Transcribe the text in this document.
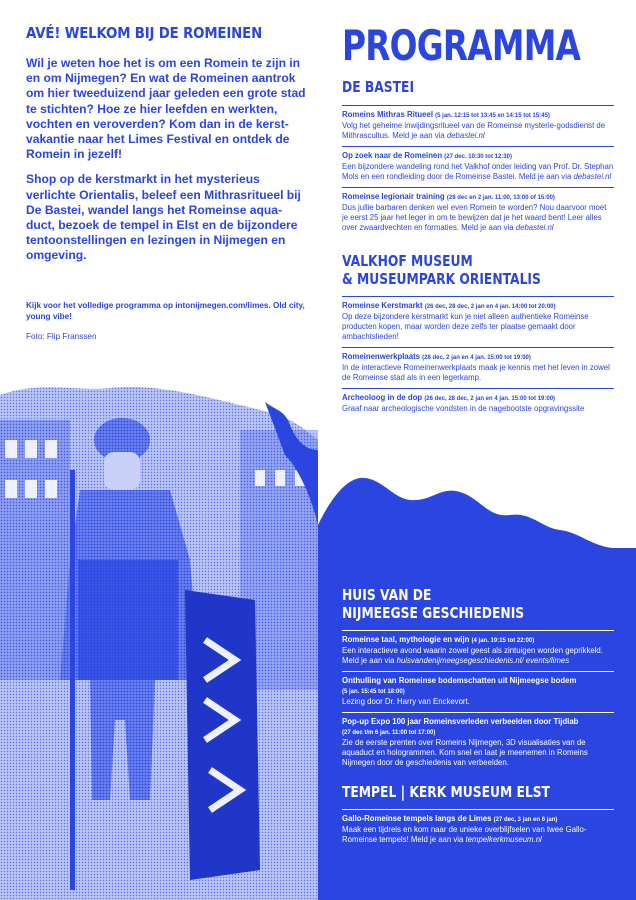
AVÉ! WELKOM BIJ DE ROMEINEN

Wil je weten hoe het is om een Romein te zijn in en om Nijmegen? En wat de Romeinen aantrok om hier tweeduizend jaar geleden een grote stad te stichten? Hoe ze hier leefden en werkten, vochten en veroverden? Kom dan in de kerst-vakantie naar het Limes Festival en ontdek de Romein in jezelf!

Shop op de kerstmarkt in het mysterieus verlichte Orientalis, beleef een Mithrasritueel bij De Bastei, wandel langs het Romeinse aqua-duct, bezoek de tempel in Elst en de bijzondere tentoonstellingen en lezingen in Nijmegen en omgeving.

Kijk voor het volledige programma op intonijmegen.com/limes. Old city, young vibe!

Foto: Flip Franssen

PROGRAMMA
DE BASTEI
Romeins Mithras Ritueel (5 jan. 12:15 tot 13:45 en 14:15 tot 15:45)
Volg het geheime inwijdingsritueel van de Romeinse mysterie-godsdienst de Mithrascultus. Meld je aan via debastei.nl
Op zoek naar de Romeinen (27 dec. 10:30 tot 12:30)
Een bijzondere wandeling rond het Valkhof onder leiding van Prof. Dr. Stephan Mols en een rondleiding door de Romeinse Bastei. Meld je aan via debastei.nl
Romeinse legionair training (28 dec en 2 jan. 11:00, 13:00 of 15:00)
Dus jullie barbaren denken wel even Romein te worden? Nou daarvoor moet je eerst 25 jaar het leger in om te bewijzen dat je het waard bent! Leer alles over zwaardvechten en formaties. Meld je aan via debastei.nl
VALKHOF MUSEUM
& MUSEUMPARK ORIENTALIS
Romeinse Kerstmarkt (26 dec, 28 dec, 2 jan en 4 jan. 14:00 tot 20:00)
Op deze bijzondere kerstmarkt kun je niet alleen authentieke Romeinse producten kopen, maar worden deze zelfs ter plaatse gemaakt door ambachtslieden!
Romeinenwerkplaats (28 dec, 2 jan en 4 jan. 15:00 tot 19:00)
In de interactieve Romeinenwerkplaats maak je kennis met het leven in zowel de Romeinse stad als in een legerkamp.
Archeoloog in de dop (26 dec, 28 dec, 2 jan en 4 jan. 15:00 tot 19:00)
Graaf naar archeologische vondsten in de nagebootste opgravingssite
HUIS VAN DE
NIJMEEGSE GESCHIEDENIS
Romeinse taal, mythologie en wijn (4 jan. 19:15 tot 22:00)
Een interactieve avond waarin zowel geest als zintuigen worden geprikkeld. Meld je aan via huisvandenijmeegsegeschiedenis.nl/ events/limes
Onthulling van Romeinse bodemschatten uit Nijmeegse bodem
(5 jan. 15:45 tot 18:00)
Lezing door Dr. Harry van Enckevort.
Pop-up Expo 100 jaar Romeinsverleden verbeelden door Tijdlab
(27 dec t/m 6 jan. 11:00 tot 17:00)
Zie de eerste prenten over Romeins Nijmegen, 3D visualisaties van de aquaduct en hologrammen. Kom snel en laat je meenemen in Romeins Nijmegen door de geschiedenis van verbeelden.
TEMPEL | KERK MUSEUM ELST
Gallo-Romeinse tempels langs de Limes (27 dec, 3 jan en 6 jan)
Maak een tijdreis en kom naar de unieke overblijfselen van twee Gallo-Romeinse tempels! Meld je aan via tempelkerkmuseum.nl
